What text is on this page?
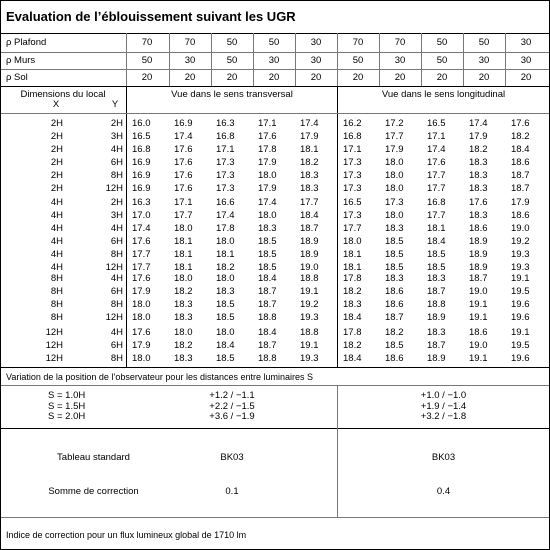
Evaluation de l’éblouissement suivant les UGR
ρ Plafond	70	70	50	50	30	70	70	50	50	30
ρ Murs	50	30	50	30	30	50	30	50	30	30
ρ Sol	20	20	20	20	20	20	20	20	20	20
Dimensions du local
X	Y
Vue dans le sens transversal	Vue dans le sens longitudinal
2H	2H 16.0	16.9	16.3	17.1	17.4	16.2	17.2	16.5	17.4	17.6
2H	3H 16.5	17.4	16.8	17.6	17.9	16.8	17.7	17.1	17.9	18.2
2H	4H 16.8	17.6	17.1	17.8	18.1	17.1	17.9	17.4	18.2	18.4
2H	6H 16.9	17.6	17.3	17.9	18.2	17.3	18.0	17.6	18.3	18.6
2H	8H 16.9	17.6	17.3	18.0	18.3	17.3	18.0	17.7	18.3	18.7
2H	12H 16.9	17.6	17.3	17.9	18.3	17.3	18.0	17.7	18.3	18.7
4H	2H 16.3	17.1	16.6	17.4	17.7	16.5	17.3	16.8	17.6	17.9
4H	3H 17.0	17.7	17.4	18.0	18.4	17.3	18.0	17.7	18.3	18.6
4H	4H 17.4	18.0	17.8	18.3	18.7	17.7	18.3	18.1	18.6	19.0
4H	6H 17.6	18.1	18.0	18.5	18.9	18.0	18.5	18.4	18.9	19.2
4H	8H 17.7	18.1	18.1	18.5	18.9	18.1	18.5	18.5	18.9	19.3
4H	12H 17.7	18.1	18.2	18.5	19.0	18.1	18.5	18.5	18.9	19.3
8H	4H 17.6	18.0	18.0	18.4	18.8	17.8	18.3	18.3	18.7	19.1
8H	6H 17.9	18.2	18.3	18.7	19.1	18.2	18.6	18.7	19.0	19.5
8H	8H 18.0	18.3	18.5	18.7	19.2	18.3	18.6	18.8	19.1	19.6
8H	12H 18.0	18.3	18.5	18.8	19.3	18.4	18.7	18.9	19.1	19.6
12H	4H 17.6	18.0	18.0	18.4	18.8	17.8	18.2	18.3	18.6	19.1
12H	6H 17.9	18.2	18.4	18.7	19.1	18.2	18.5	18.7	19.0	19.5
12H	8H 18.0	18.3	18.5	18.8	19.3	18.4	18.6	18.9	19.1	19.6
Variation de la position de l’observateur pour les distances entre luminaires S
S = 1.0H	+1.2 / −1.1	+1.0 / −1.0
S = 1.5H	+2.2 / −1.5	+1.9 / −1.4
S = 2.0H	+3.6 / −1.9	+3.2 / −1.8
Tableau standard	BK03	BK03
Somme de correction	0.1	0.4
Indice de correction pour un flux lumineux global de 1710 lm
